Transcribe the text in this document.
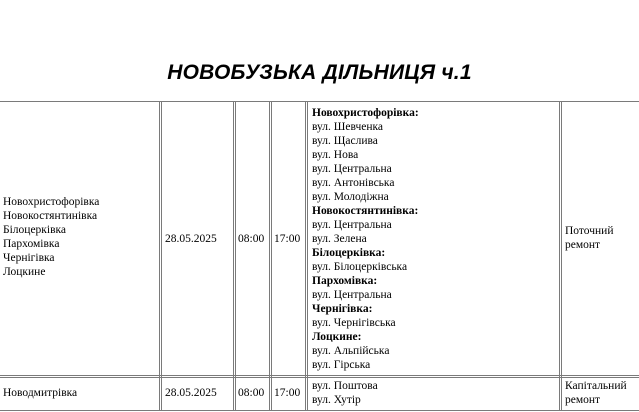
НОВОБУЗЬКА ДІЛЬНИЦЯ ч.1
Новохристофорівка
Новокостянтинівка
Білоцерківка
Пархомівка
Чернігівка
Лоцкине
28.05.2025 08:00 17:00
Новохристофорівка:
вул. Шевченка
вул. Щаслива
вул. Нова
вул. Центральна
вул. Антонівська
вул. Молодіжна
Новокостянтинівка:
вул. Центральна
вул. Зелена
Білоцерківка:
вул. Білоцерківська
Пархомівка:
вул. Центральна
Чернігівка:
вул. Чернігівська
Лоцкине:
вул. Альпійська
вул. Гірська
Поточний
ремонт
Новодмитрівка	28.05.2025 08:00 17:00
вул. Поштова
вул. Хутір
Капітальний
ремонт
